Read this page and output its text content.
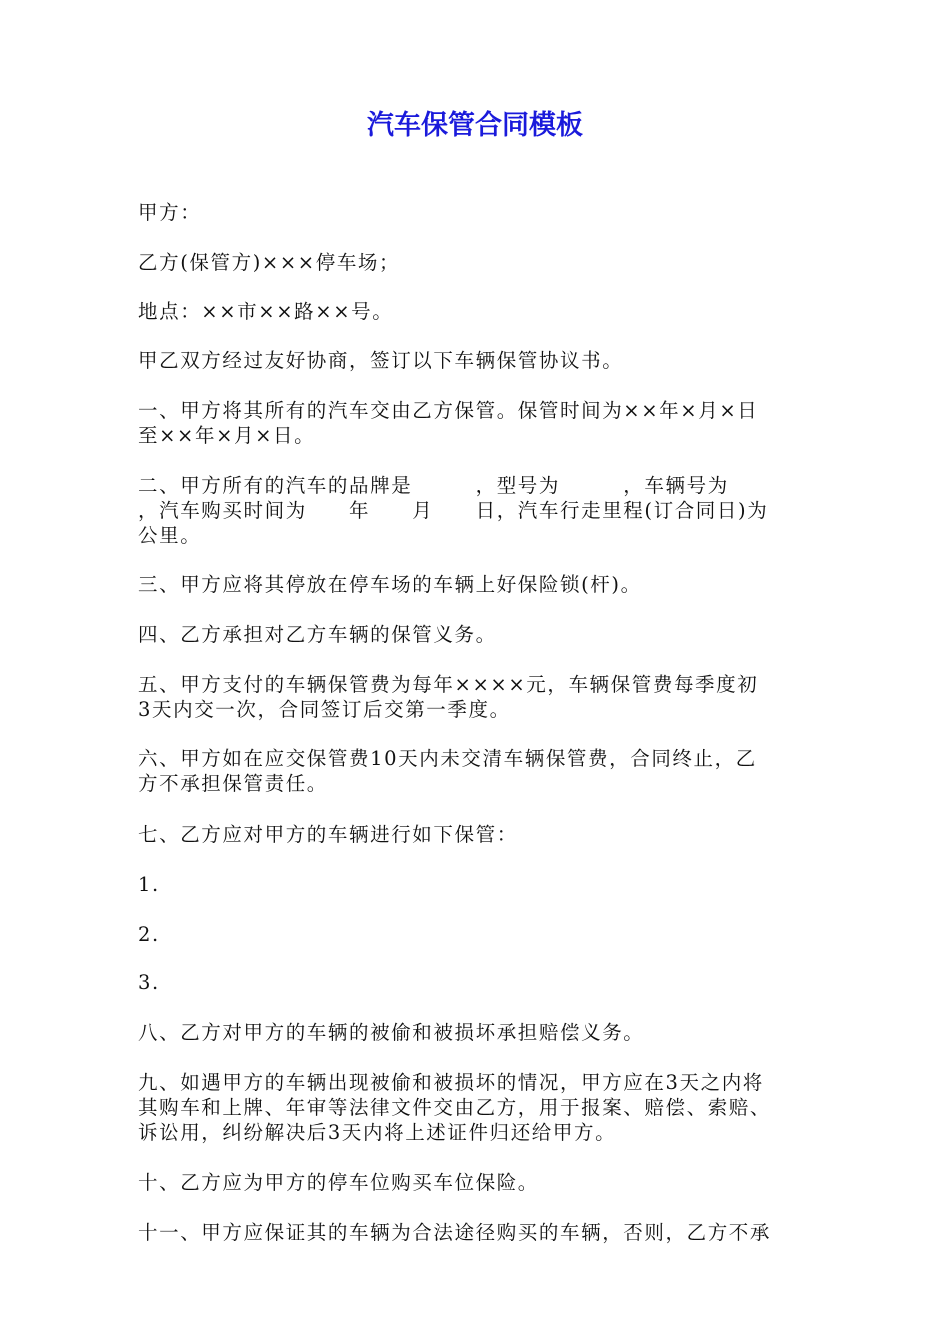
汽车保管合同模板
甲方：
乙方(保管方)×××停车场；
地点：××市××路××号。
甲乙双方经过友好协商，签订以下车辆保管协议书。
一、甲方将其所有的汽车交由乙方保管。保管时间为××年×月×日
至××年×月×日。
二、甲方所有的汽车的品牌是　　　，型号为　　　，车辆号为
，汽车购买时间为　　年　　月　　日，汽车行走里程(订合同日)为
公里。
三、甲方应将其停放在停车场的车辆上好保险锁(杆)。
四、乙方承担对乙方车辆的保管义务。
五、甲方支付的车辆保管费为每年××××元，车辆保管费每季度初
3天内交一次，合同签订后交第一季度。
六、甲方如在应交保管费10天内未交清车辆保管费，合同终止，乙
方不承担保管责任。
七、乙方应对甲方的车辆进行如下保管：
1.
2.
3.
八、乙方对甲方的车辆的被偷和被损坏承担赔偿义务。
九、如遇甲方的车辆出现被偷和被损坏的情况，甲方应在3天之内将
其购车和上牌、年审等法律文件交由乙方，用于报案、赔偿、索赔、
诉讼用，纠纷解决后3天内将上述证件归还给甲方。
十、乙方应为甲方的停车位购买车位保险。
十一、甲方应保证其的车辆为合法途径购买的车辆，否则，乙方不承
